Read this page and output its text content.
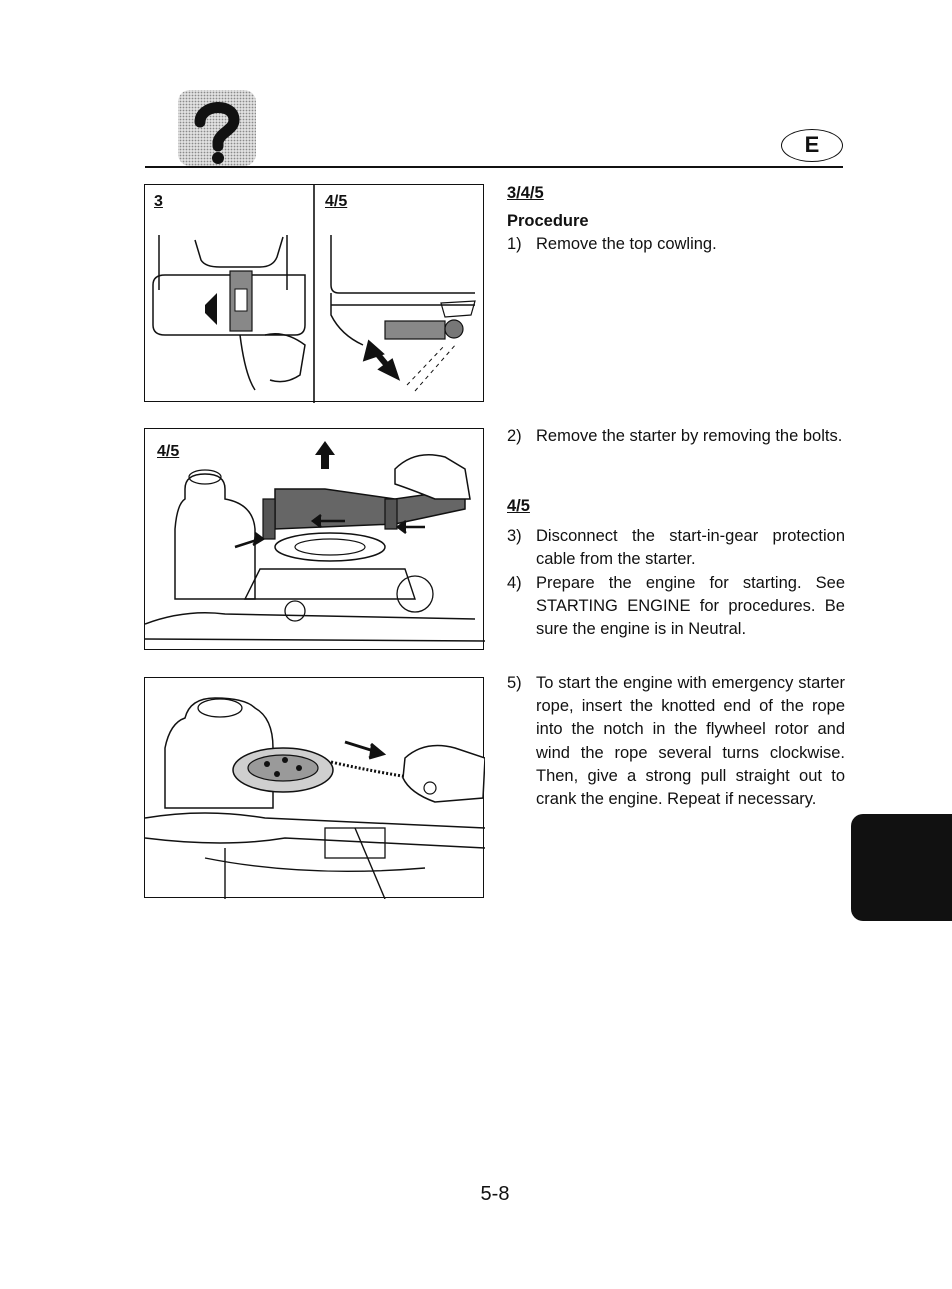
E
3	4/5
4/5
3/4/5
Procedure
1) Remove the top cowling.
2) Remove the starter by removing the bolts.
4/5
3) Disconnect the start-in-gear protection cable from the starter.
4) Prepare the engine for starting. See STARTING ENGINE for procedures. Be sure the engine is in Neutral.
5) To start the engine with emergency starter rope, insert the knotted end of the rope into the notch in the flywheel rotor and wind the rope several turns clockwise. Then, give a strong pull straight out to crank the engine. Repeat if necessary.
5-8
